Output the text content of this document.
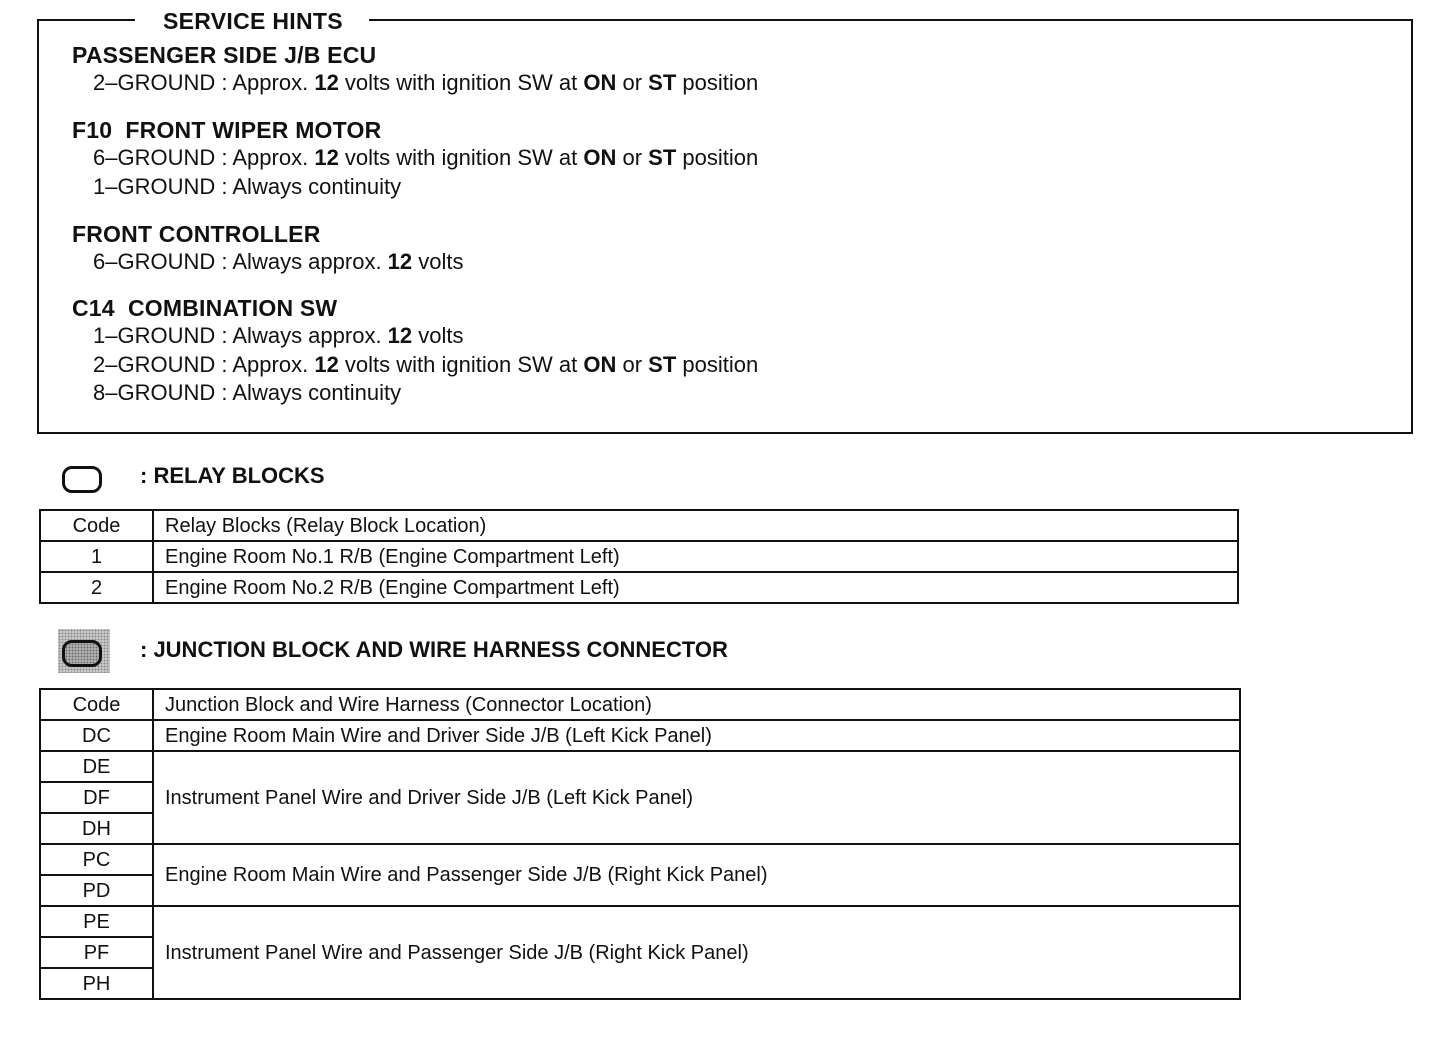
SERVICE HINTS
PASSENGER SIDE J/B ECU
2–GROUND : Approx. 12 volts with ignition SW at ON or ST position
F10  FRONT WIPER MOTOR
6–GROUND : Approx. 12 volts with ignition SW at ON or ST position
1–GROUND : Always continuity
FRONT CONTROLLER
6–GROUND : Always approx. 12 volts
C14  COMBINATION SW
1–GROUND : Always approx. 12 volts
2–GROUND : Approx. 12 volts with ignition SW at ON or ST position
8–GROUND : Always continuity
: RELAY BLOCKS
Code	Relay Blocks (Relay Block Location)
1	Engine Room No.1 R/B (Engine Compartment Left)
2	Engine Room No.2 R/B (Engine Compartment Left)
: JUNCTION BLOCK AND WIRE HARNESS CONNECTOR
Code	Junction Block and Wire Harness (Connector Location)
DC	Engine Room Main Wire and Driver Side J/B (Left Kick Panel)
DE	Instrument Panel Wire and Driver Side J/B (Left Kick Panel)
DF	
DH	
PC	Engine Room Main Wire and Passenger Side J/B (Right Kick Panel)
PD	
PE	Instrument Panel Wire and Passenger Side J/B (Right Kick Panel)
PF	
PH	
